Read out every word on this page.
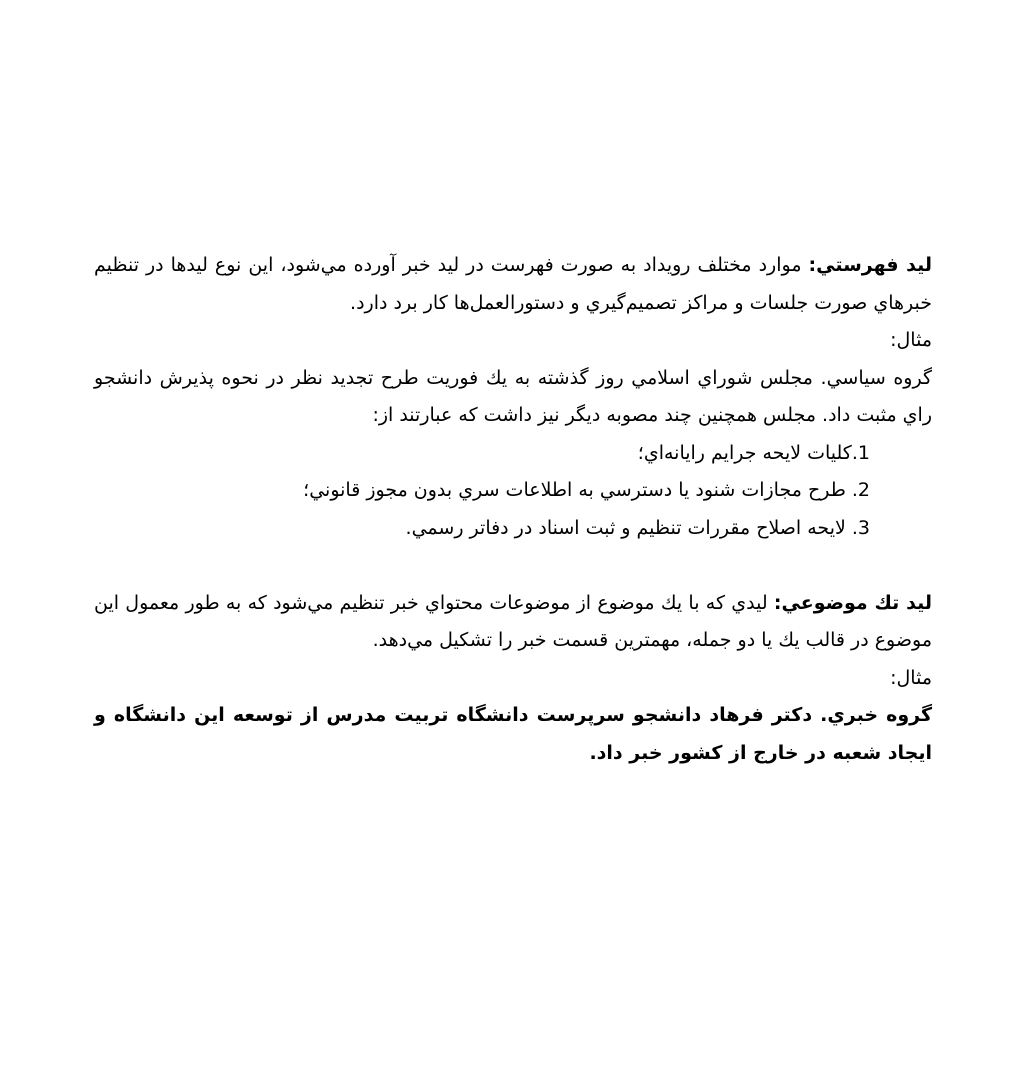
ليد فهرستي: موارد مختلف رويداد به صورت فهرست در ليد خبر آورده مي‌شود، اين نوع ليدها در تنظيم خبرهاي صورت جلسات و مراكز تصميم‌گيري و دستورالعمل‌ها كار برد دارد.

مثال:

گروه سياسي. مجلس شوراي اسلامي روز گذشته به يك فوريت طرح تجديد نظر در نحوه پذيرش دانشجو راي مثبت داد. مجلس همچنين چند مصوبه ديگر نيز داشت كه عبارتند از:

1.كليات لايحه جرايم رايانه‌اي؛
2. طرح مجازات شنود يا دسترسي به اطلاعات سري بدون مجوز قانوني؛
3. لايحه اصلاح مقررات تنظيم و ثبت اسناد در دفاتر رسمي.

ليد تك موضوعي: ليدي كه با يك موضوع از موضوعات محتواي خبر تنظيم مي‌شود كه به طور معمول اين موضوع در قالب يك يا دو جمله، مهمترين قسمت خبر را تشكيل مي‌دهد.

مثال:

گروه خبري. دكتر فرهاد دانشجو سرپرست دانشگاه تربيت مدرس از توسعه اين دانشگاه و ايجاد شعبه در خارج از كشور خبر داد.
